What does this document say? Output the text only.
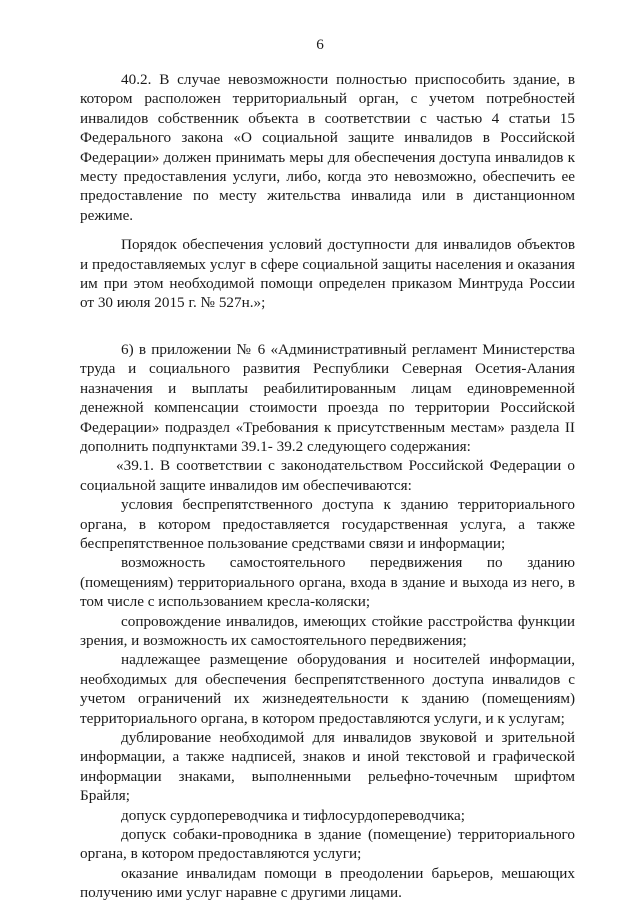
6

40.2. В случае невозможности полностью приспособить здание, в котором расположен территориальный орган, с учетом потребностей инвалидов собственник объекта в соответствии с частью 4 статьи 15 Федерального закона «О социальной защите инвалидов в Российской Федерации» должен принимать меры для обеспечения доступа инвалидов к месту предоставления услуги, либо, когда это невозможно, обеспечить ее предоставление по месту жительства инвалида или в дистанционном режиме.

Порядок обеспечения условий доступности для инвалидов объектов и предоставляемых услуг в сфере социальной защиты населения и оказания им при этом необходимой помощи определен приказом Минтруда России от 30 июля 2015 г. № 527н.»;

6) в приложении № 6 «Административный регламент Министерства труда и социального развития Республики Северная Осетия-Алания назначения и выплаты реабилитированным лицам единовременной денежной компенсации стоимости проезда по территории Российской Федерации» подраздел «Требования к присутственным местам» раздела II дополнить подпунктами 39.1- 39.2 следующего содержания:

«39.1. В соответствии с законодательством Российской Федерации о социальной защите инвалидов им обеспечиваются:

условия беспрепятственного доступа к зданию территориального органа, в котором предоставляется государственная услуга, а также беспрепятственное пользование средствами связи и информации;

возможность самостоятельного передвижения по зданию (помещениям) территориального органа, входа в здание и выхода из него, в том числе с использованием кресла-коляски;

сопровождение инвалидов, имеющих стойкие расстройства функции зрения, и возможность их самостоятельного передвижения;

надлежащее размещение оборудования и носителей информации, необходимых для обеспечения беспрепятственного доступа инвалидов с учетом ограничений их жизнедеятельности к зданию (помещениям) территориального органа, в котором предоставляются услуги, и к услугам;

дублирование необходимой для инвалидов звуковой и зрительной информации, а также надписей, знаков и иной текстовой и графической информации знаками, выполненными рельефно-точечным шрифтом Брайля;

допуск сурдопереводчика и тифлосурдопереводчика;

допуск собаки-проводника в здание (помещение) территориального органа, в котором предоставляются услуги;

оказание инвалидам помощи в преодолении барьеров, мешающих получению ими услуг наравне с другими лицами.
